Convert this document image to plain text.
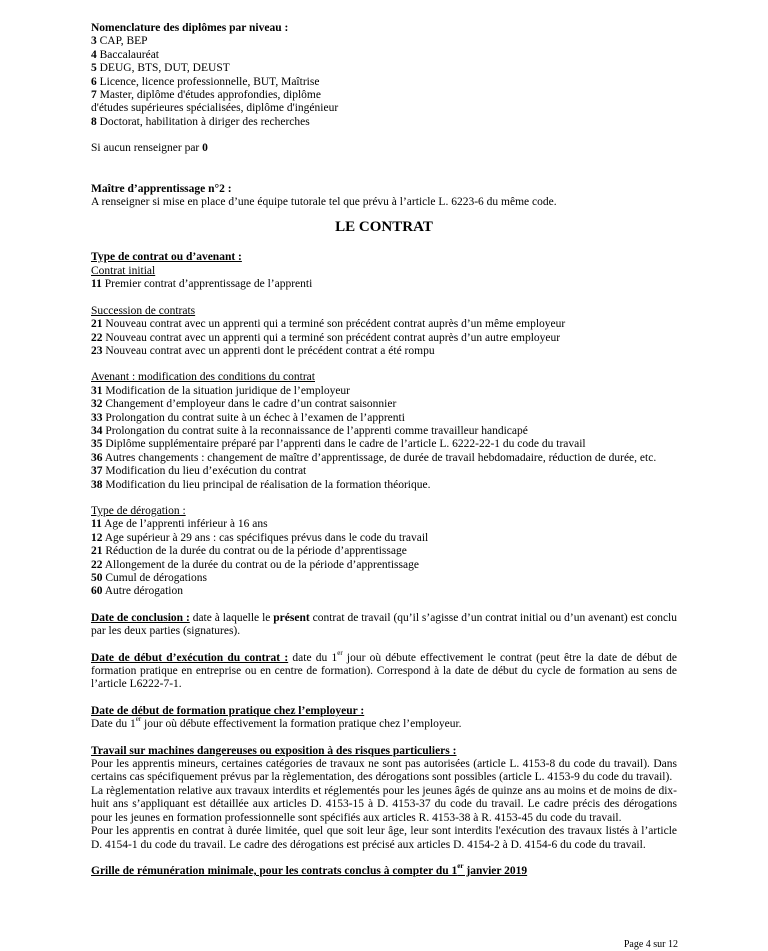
Nomenclature des diplômes par niveau :
3 CAP, BEP
4 Baccalauréat
5 DEUG, BTS, DUT, DEUST
6 Licence, licence professionnelle, BUT, Maîtrise
7 Master, diplôme d'études approfondies, diplôme
d'études supérieures spécialisées, diplôme d'ingénieur
8 Doctorat, habilitation à diriger des recherches
Si aucun renseigner par 0
Maître d’apprentissage n°2 :
A renseigner si mise en place d’une équipe tutorale tel que prévu à l’article L. 6223-6 du même code.
LE CONTRAT
Type de contrat ou d’avenant :
Contrat initial
11 Premier contrat d’apprentissage de l’apprenti
Succession de contrats
21 Nouveau contrat avec un apprenti qui a terminé son précédent contrat auprès d’un même employeur
22 Nouveau contrat avec un apprenti qui a terminé son précédent contrat auprès d’un autre employeur
23 Nouveau contrat avec un apprenti dont le précédent contrat a été rompu
Avenant : modification des conditions du contrat
31 Modification de la situation juridique de l’employeur
32 Changement d’employeur dans le cadre d’un contrat saisonnier
33 Prolongation du contrat suite à un échec à l’examen de l’apprenti
34 Prolongation du contrat suite à la reconnaissance de l’apprenti comme travailleur handicapé
35 Diplôme supplémentaire préparé par l’apprenti dans le cadre de l’article L. 6222-22-1 du code du travail
36 Autres changements : changement de maître d’apprentissage, de durée de travail hebdomadaire, réduction de durée, etc.
37 Modification du lieu d’exécution du contrat
38 Modification du lieu principal de réalisation de la formation théorique.
Type de dérogation :
11 Age de l’apprenti inférieur à 16 ans
12 Age supérieur à 29 ans : cas spécifiques prévus dans le code du travail
21 Réduction de la durée du contrat ou de la période d’apprentissage
22 Allongement de la durée du contrat ou de la période d’apprentissage
50 Cumul de dérogations
60 Autre dérogation
Date de conclusion : date à laquelle le présent contrat de travail (qu’il s’agisse d’un contrat initial ou d’un avenant) est conclu par les deux parties (signatures).
Date de début d’exécution du contrat : date du 1er jour où débute effectivement le contrat (peut être la date de début de formation pratique en entreprise ou en centre de formation). Correspond à la date de début du cycle de formation au sens de l’article L6222-7-1.
Date de début de formation pratique chez l’employeur :
Date du 1er jour où débute effectivement la formation pratique chez l’employeur.
Travail sur machines dangereuses ou exposition à des risques particuliers :
Pour les apprentis mineurs, certaines catégories de travaux ne sont pas autorisées (article L. 4153-8 du code du travail). Dans certains cas spécifiquement prévus par la règlementation, des dérogations sont possibles (article L. 4153-9 du code du travail).
La règlementation relative aux travaux interdits et réglementés pour les jeunes âgés de quinze ans au moins et de moins de dix-huit ans s’appliquant est détaillée aux articles D. 4153-15 à D. 4153-37 du code du travail. Le cadre précis des dérogations pour les jeunes en formation professionnelle sont spécifiés aux articles R. 4153-38 à R. 4153-45 du code du travail.
Pour les apprentis en contrat à durée limitée, quel que soit leur âge, leur sont interdits l'exécution des travaux listés à l’article D. 4154-1 du code du travail. Le cadre des dérogations est précisé aux articles D. 4154-2 à D. 4154-6 du code du travail.
Grille de rémunération minimale, pour les contrats conclus à compter du 1er janvier 2019
Page 4 sur 12
